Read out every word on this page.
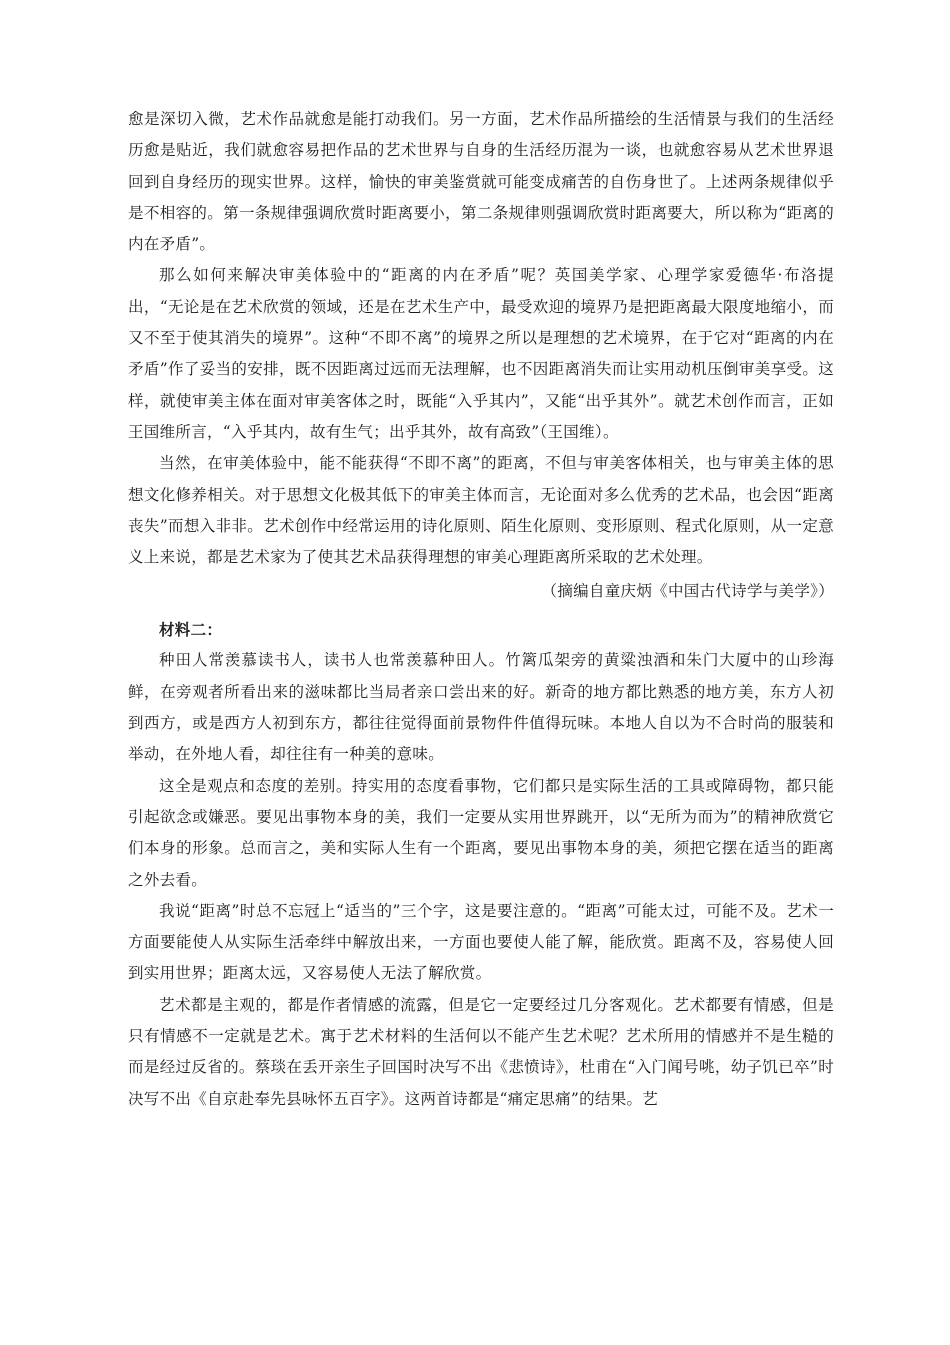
愈是深切入微，艺术作品就愈是能打动我们。另一方面，艺术作品所描绘的生活情景与我们的生活经历愈是贴近，我们就愈容易把作品的艺术世界与自身的生活经历混为一谈，也就愈容易从艺术世界退回到自身经历的现实世界。这样，愉快的审美鉴赏就可能变成痛苦的自伤身世了。上述两条规律似乎是不相容的。第一条规律强调欣赏时距离要小，第二条规律则强调欣赏时距离要大，所以称为“距离的内在矛盾”。

那么如何来解决审美体验中的“距离的内在矛盾”呢？英国美学家、心理学家爱德华·布洛提出，“无论是在艺术欣赏的领域，还是在艺术生产中，最受欢迎的境界乃是把距离最大限度地缩小，而又不至于使其消失的境界”。这种“不即不离”的境界之所以是理想的艺术境界，在于它对“距离的内在矛盾”作了妥当的安排，既不因距离过远而无法理解，也不因距离消失而让实用动机压倒审美享受。这样，就使审美主体在面对审美客体之时，既能“入乎其内”，又能“出乎其外”。就艺术创作而言，正如王国维所言，“入乎其内，故有生气；出乎其外，故有高致”（王国维）。

当然，在审美体验中，能不能获得“不即不离”的距离，不但与审美客体相关，也与审美主体的思想文化修养相关。对于思想文化极其低下的审美主体而言，无论面对多么优秀的艺术品，也会因“距离丧失”而想入非非。艺术创作中经常运用的诗化原则、陌生化原则、变形原则、程式化原则，从一定意义上来说，都是艺术家为了使其艺术品获得理想的审美心理距离所采取的艺术处理。

（摘编自童庆炳《中国古代诗学与美学》）

材料二：

种田人常羡慕读书人，读书人也常羡慕种田人。竹篱瓜架旁的黄粱浊酒和朱门大厦中的山珍海鲜，在旁观者所看出来的滋味都比当局者亲口尝出来的好。新奇的地方都比熟悉的地方美，东方人初到西方，或是西方人初到东方，都往往觉得面前景物件件值得玩味。本地人自以为不合时尚的服装和举动，在外地人看，却往往有一种美的意味。

这全是观点和态度的差别。持实用的态度看事物，它们都只是实际生活的工具或障碍物，都只能引起欲念或嫌恶。要见出事物本身的美，我们一定要从实用世界跳开，以“无所为而为”的精神欣赏它们本身的形象。总而言之，美和实际人生有一个距离，要见出事物本身的美，须把它摆在适当的距离之外去看。

我说“距离”时总不忘冠上“适当的”三个字，这是要注意的。“距离”可能太过，可能不及。艺术一方面要能使人从实际生活牵绊中解放出来，一方面也要使人能了解，能欣赏。距离不及，容易使人回到实用世界；距离太远，又容易使人无法了解欣赏。

艺术都是主观的，都是作者情感的流露，但是它一定要经过几分客观化。艺术都要有情感，但是只有情感不一定就是艺术。寓于艺术材料的生活何以不能产生艺术呢？艺术所用的情感并不是生糙的而是经过反省的。蔡琰在丢开亲生子回国时决写不出《悲愤诗》，杜甫在“入门闻号咷，幼子饥已卒”时决写不出《自京赴奉先县咏怀五百字》。这两首诗都是“痛定思痛”的结果。艺
